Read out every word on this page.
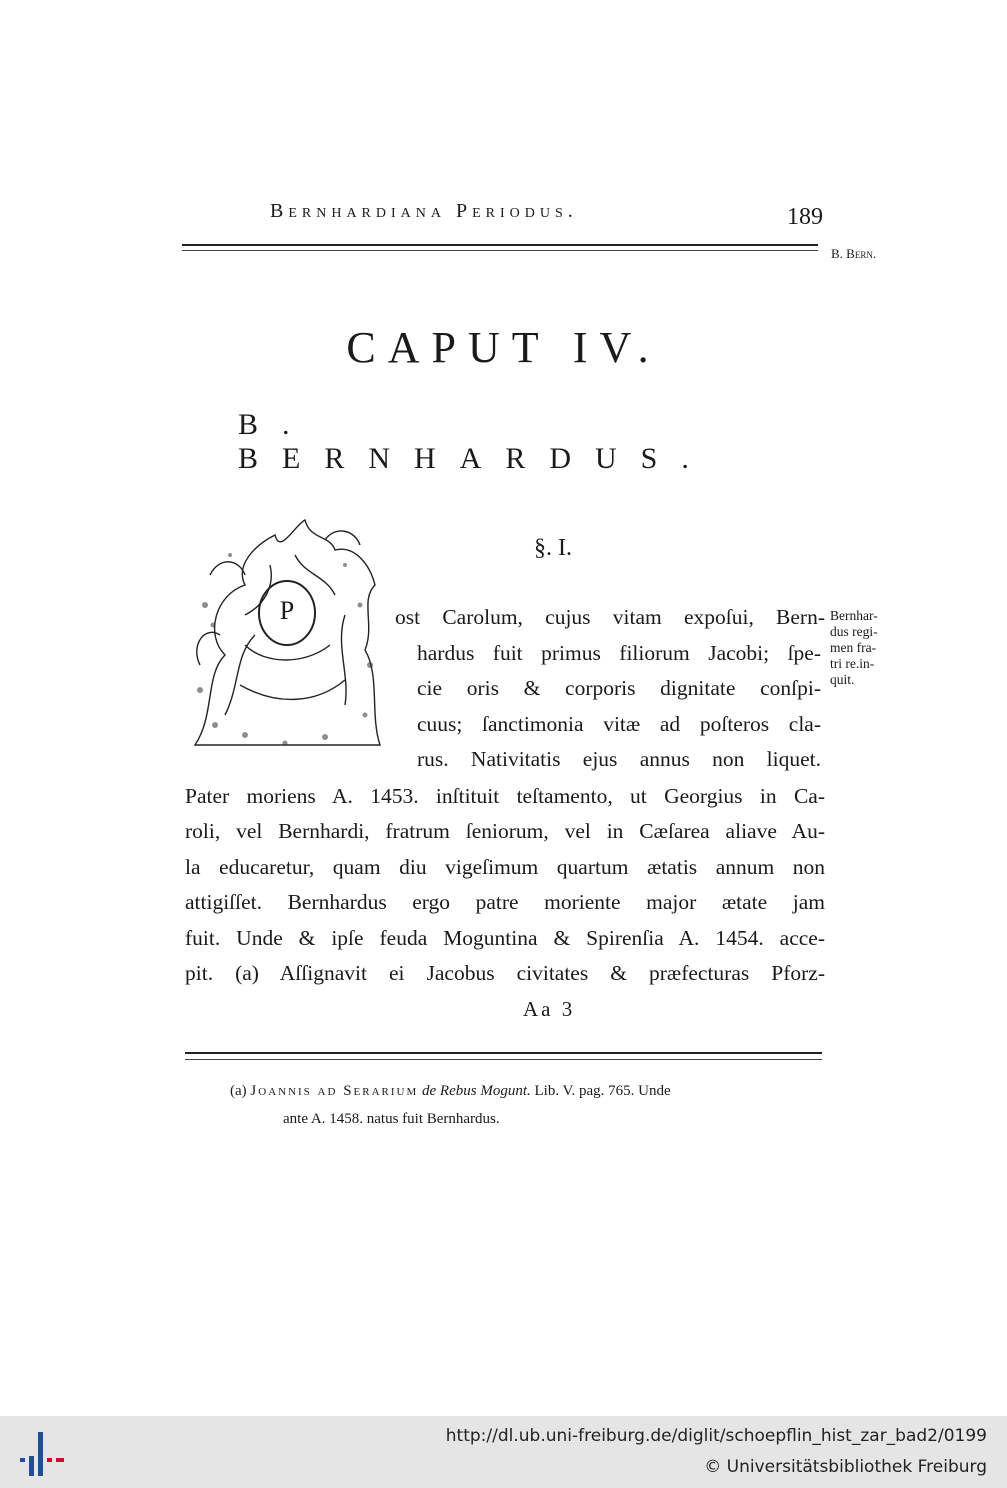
Bernhardiana Periodus.	189
B. Bern.
CAPUT IV.
B. BERNHARDUS.
§. I.
P	ost Carolum, cujus vitam expoſui, Bern-
hardus fuit primus filiorum Jacobi; ſpe-
cie oris & corporis dignitate conſpi-
cuus; ſanctimonia vitæ ad poſteros cla-
rus. Nativitatis ejus annus non liquet.
Pater moriens A. 1453. inſtituit teſtamento, ut Georgius in Ca-
roli, vel Bernhardi, fratrum ſeniorum, vel in Cæſarea aliave Au-
la educaretur, quam diu vigeſimum quartum ætatis annum non
attigiſſet. Bernhardus ergo patre moriente major ætate jam
fuit. Unde & ipſe feuda Moguntina & Spirenſia A. 1454. acce-
pit. (a) Aſſignavit ei Jacobus civitates & præfecturas Pforz-
Bernhar-
dus regi-
men fra-
tri re.in-
quit.
Aa 3
(a) Joannis ad Serarium de Rebus Mogunt. Lib. V. pag. 765. Unde
ante A. 1458. natus fuit Bernhardus.
http://dl.ub.uni-freiburg.de/diglit/schoepflin_hist_zar_bad2/0199
© Universitätsbibliothek Freiburg
